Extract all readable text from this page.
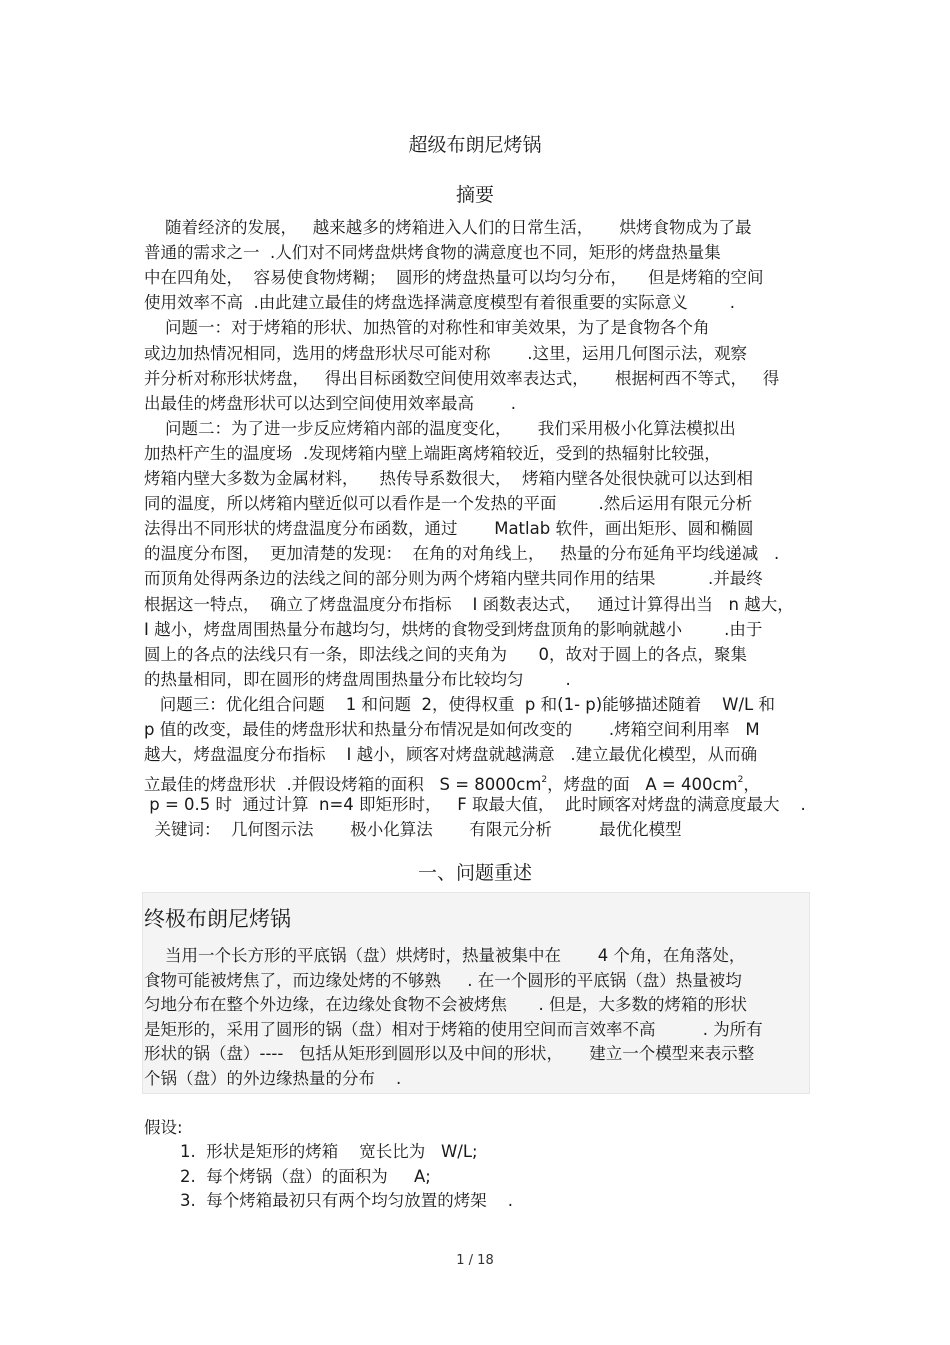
超级布朗尼烤锅
摘要
随着经济的发展，   越来越多的烤箱进入人们的日常生活，     烘烤食物成为了最
普通的需求之一  .人们对不同烤盘烘烤食物的满意度也不同，矩形的烤盘热量集
中在四角处，  容易使食物烤糊；  圆形的烤盘热量可以均匀分布，    但是烤箱的空间
使用效率不高  .由此建立最佳的烤盘选择满意度模型有着很重要的实际意义        .
问题一：对于烤箱的形状、加热管的对称性和审美效果，为了是食物各个角
或边加热情况相同，选用的烤盘形状尽可能对称       .这里，运用几何图示法，观察
并分析对称形状烤盘，   得出目标函数空间使用效率表达式，     根据柯西不等式，   得
出最佳的烤盘形状可以达到空间使用效率最高       .
问题二：为了进一步反应烤箱内部的温度变化，     我们采用极小化算法模拟出
加热杆产生的温度场  .发现烤箱内壁上端距离烤箱较近，受到的热辐射比较强，
烤箱内壁大多数为金属材料，    热传导系数很大，  烤箱内壁各处很快就可以达到相
同的温度，所以烤箱内壁近似可以看作是一个发热的平面        .然后运用有限元分析
法得出不同形状的烤盘温度分布函数，通过       Matlab 软件，画出矩形、圆和椭圆
的温度分布图，  更加清楚的发现：  在角的对角线上，   热量的分布延角平均线递减   .
而顶角处得两条边的法线之间的部分则为两个烤箱内壁共同作用的结果          .并最终
根据这一特点，  确立了烤盘温度分布指标    I 函数表达式，   通过计算得出当   n 越大，
I 越小，烤盘周围热量分布越均匀，烘烤的食物受到烤盘顶角的影响就越小        .由于
圆上的各点的法线只有一条，即法线之间的夹角为      0，故对于圆上的各点，聚集
的热量相同，即在圆形的烤盘周围热量分布比较均匀        .
问题三：优化组合问题    1 和问题  2，使得权重  p 和(1- p)能够描述随着    W/L 和
p 值的改变，最佳的烤盘形状和热量分布情况是如何改变的       .烤箱空间利用率   M
越大，烤盘温度分布指标    I 越小，顾客对烤盘就越满意   .建立最优化模型，从而确
立最佳的烤盘形状  .并假设烤箱的面积   $S = 8000cm^2$，烤盘的面   $A = 400cm^2$，
p = 0.5 时  通过计算  n=4 即矩形时，   F 取最大值，  此时顾客对烤盘的满意度最大    .
关键词：  几何图示法       极小化算法       有限元分析         最优化模型
一、问题重述
终极布朗尼烤锅
当用一个长方形的平底锅（盘）烘烤时，热量被集中在       4 个角，在角落处，
食物可能被烤焦了，而边缘处烤的不够熟     . 在一个圆形的平底锅（盘）热量被均
匀地分布在整个外边缘，在边缘处食物不会被烤焦      . 但是，大多数的烤箱的形状
是矩形的，采用了圆形的锅（盘）相对于烤箱的使用空间而言效率不高         . 为所有
形状的锅（盘）----   包括从矩形到圆形以及中间的形状，     建立一个模型来表示整
个锅（盘）的外边缘热量的分布    .
假设:
1.  形状是矩形的烤箱    宽长比为   W/L;
2.  每个烤锅（盘）的面积为     A;
3.  每个烤箱最初只有两个均匀放置的烤架    .
1 / 18
